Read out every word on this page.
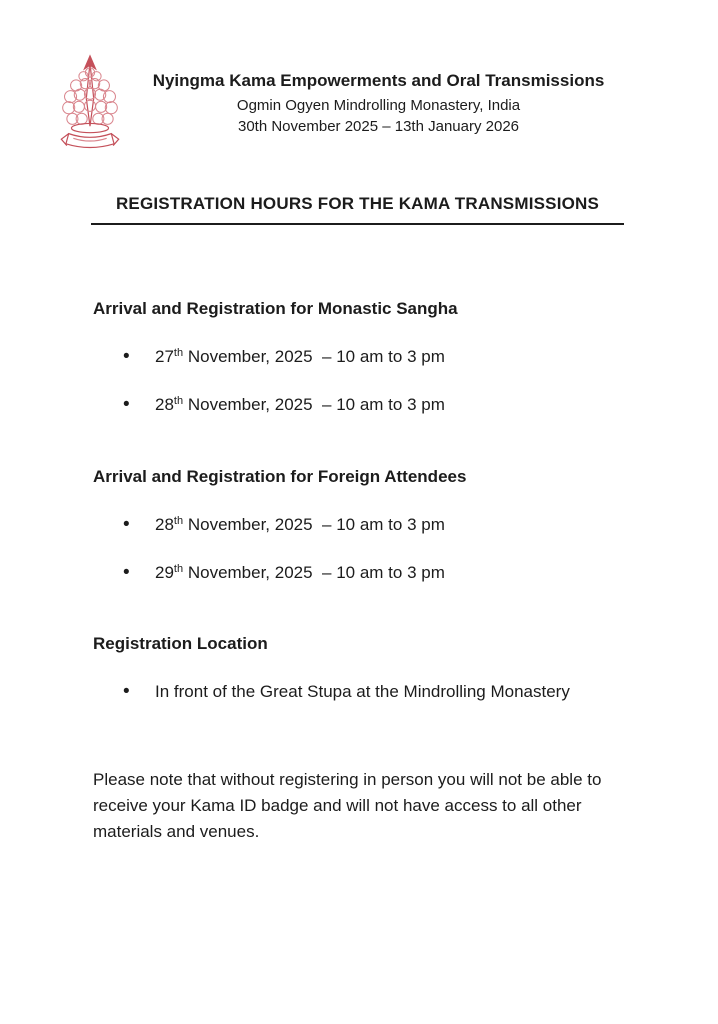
Nyingma Kama Empowerments and Oral Transmissions

Ogmin Ogyen Mindrolling Monastery, India

30th November 2025 – 13th January 2026

REGISTRATION HOURS FOR THE KAMA TRANSMISSIONS

Arrival and Registration for Monastic Sangha

• 27th November, 2025  – 10 am to 3 pm
• 28th November, 2025  – 10 am to 3 pm

Arrival and Registration for Foreign Attendees

• 28th November, 2025  – 10 am to 3 pm
• 29th November, 2025  – 10 am to 3 pm

Registration Location

• In front of the Great Stupa at the Mindrolling Monastery

Please note that without registering in person you will not be able to receive your Kama ID badge and will not have access to all other materials and venues.
